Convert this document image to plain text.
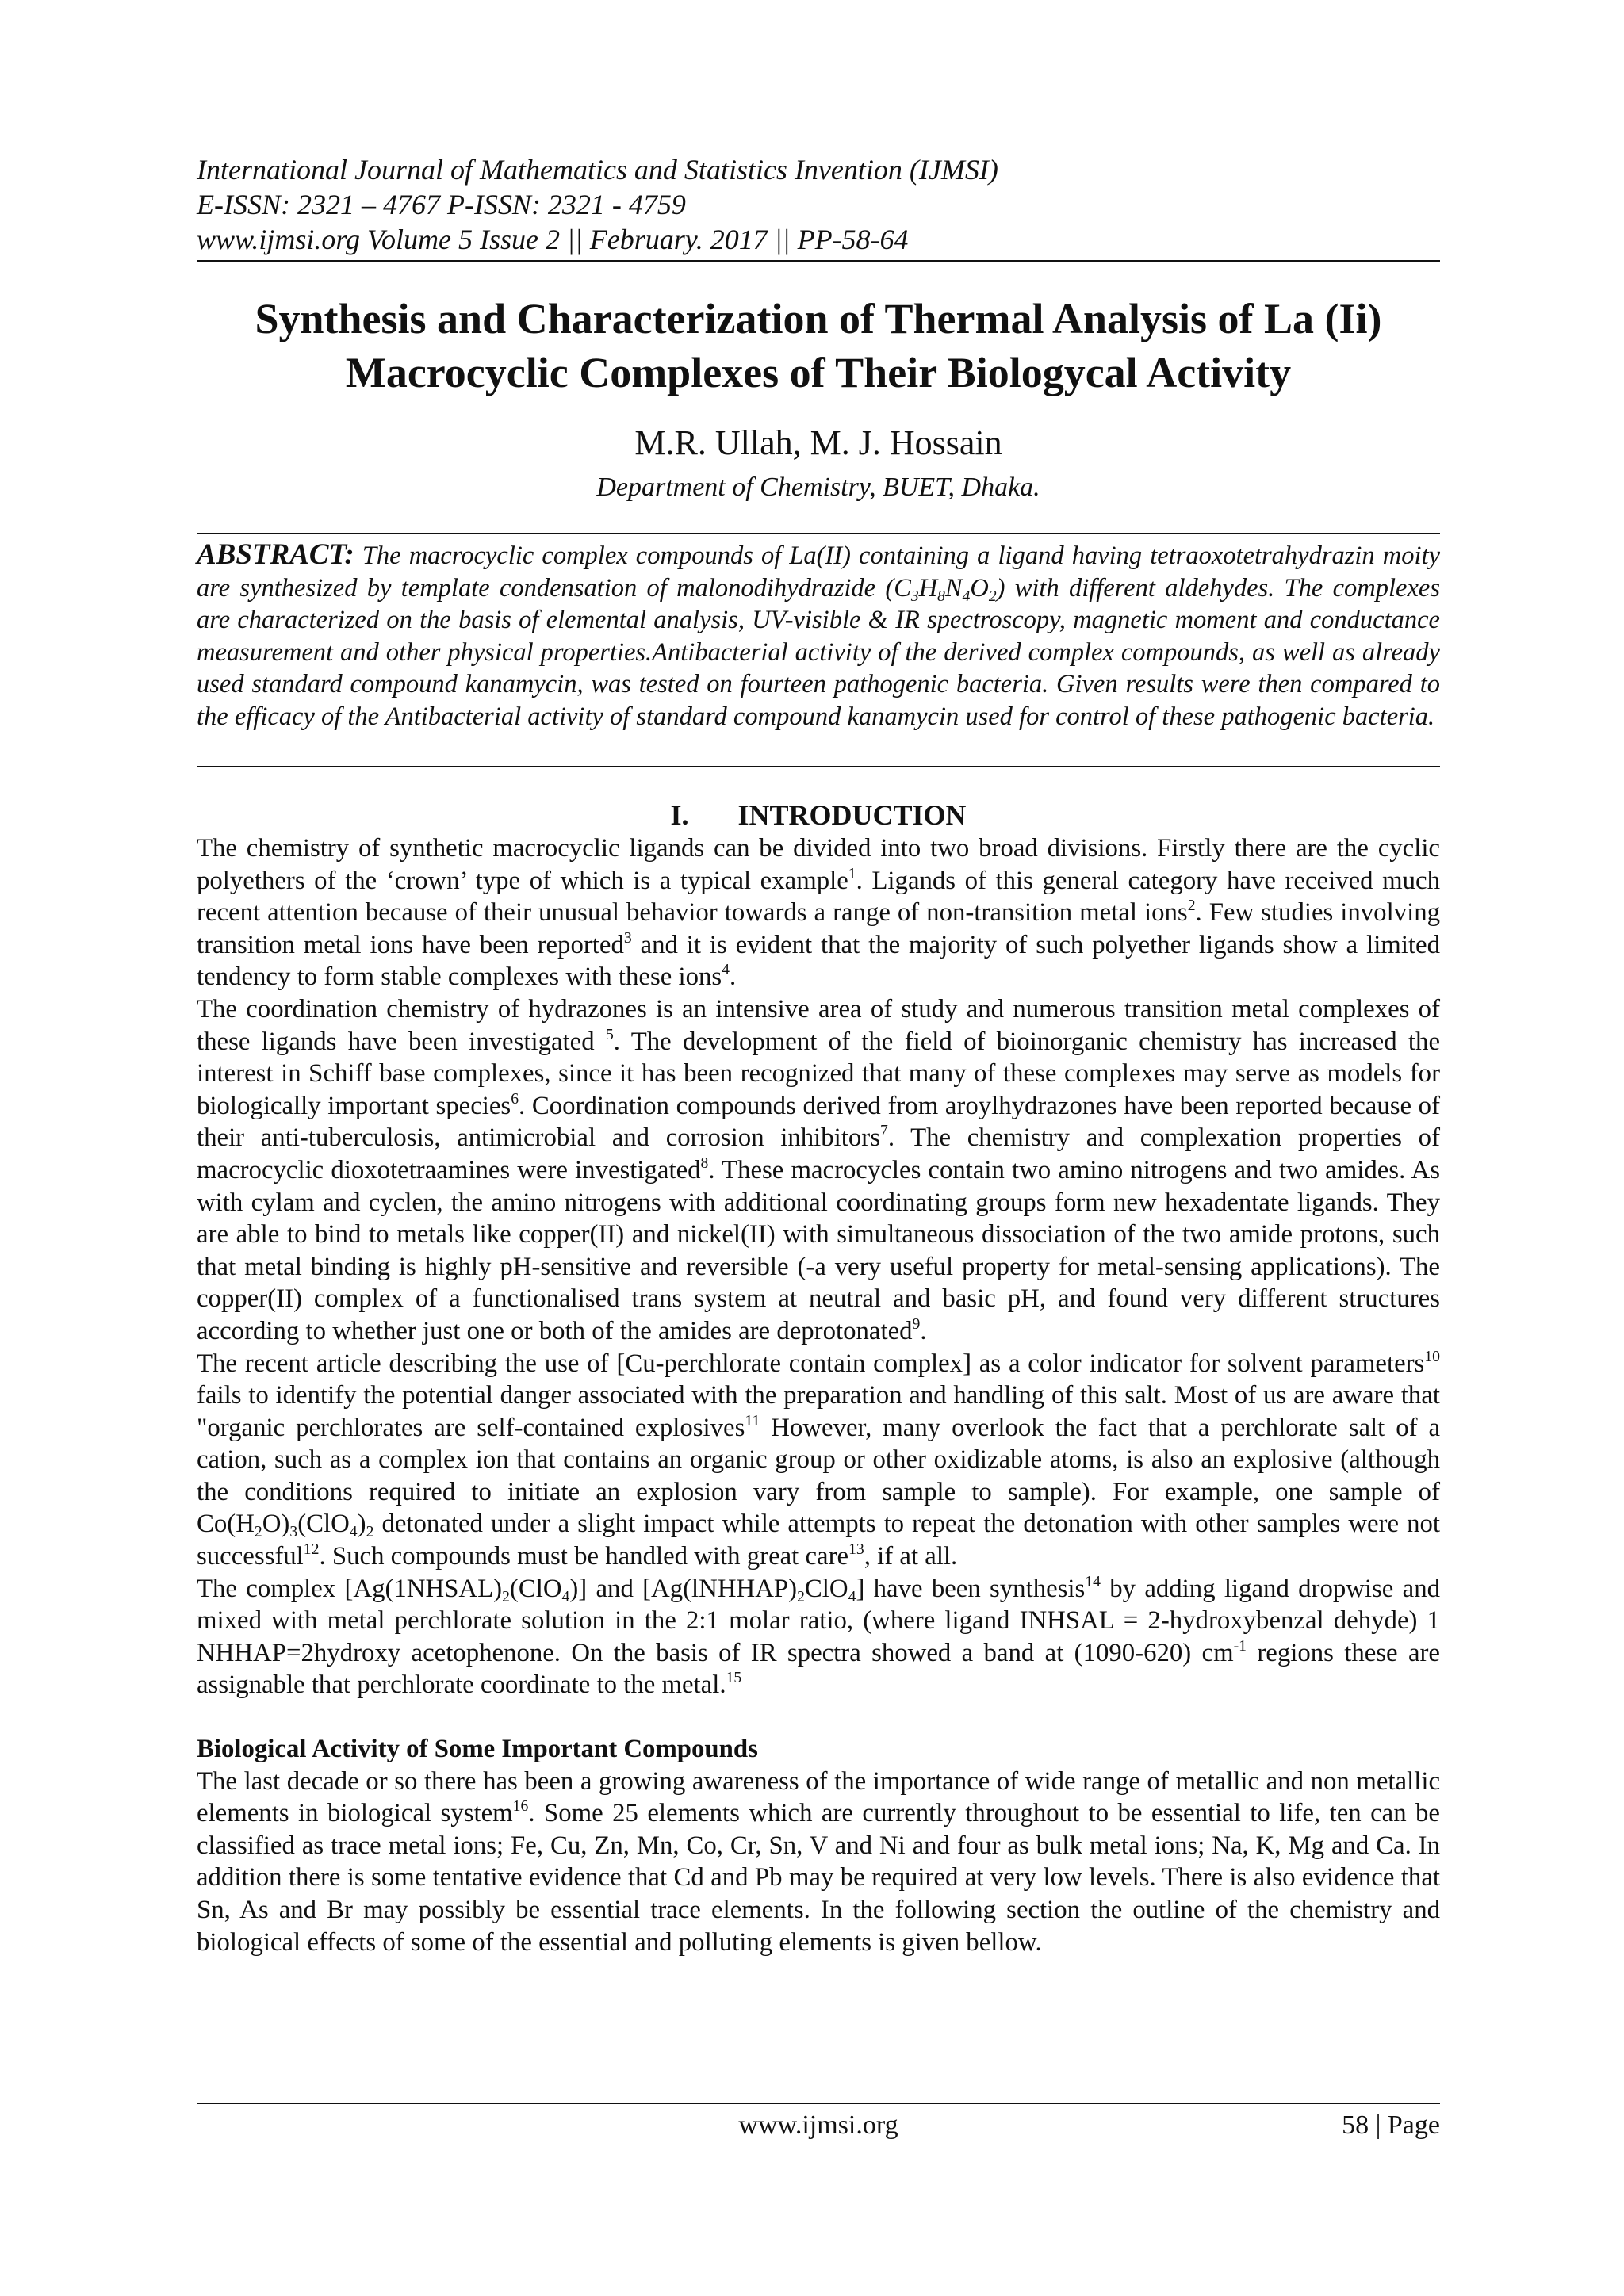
International Journal of Mathematics and Statistics Invention (IJMSI)
E-ISSN: 2321 – 4767 P-ISSN: 2321 - 4759
www.ijmsi.org Volume 5 Issue 2 || February. 2017 || PP-58-64
Synthesis and Characterization of Thermal Analysis of La (Ii)
Macrocyclic Complexes of Their Biologycal Activity
M.R. Ullah, M. J. Hossain
Department of Chemistry, BUET, Dhaka.
ABSTRACT: The macrocyclic complex compounds of La(II) containing a ligand having tetraoxotetrahydrazin moity are synthesized by template condensation of malonodihydrazide $(C_3H_8N_4O_2)$ with different aldehydes. The complexes are characterized on the basis of elemental analysis, UV-visible & IR spectroscopy, magnetic moment and conductance measurement and other physical properties.Antibacterial activity of the derived complex compounds, as well as already used standard compound kanamycin, was tested on fourteen pathogenic bacteria. Given results were then compared to the efficacy of the Antibacterial activity of standard compound kanamycin used for control of these pathogenic bacteria.
I. INTRODUCTION

The chemistry of synthetic macrocyclic ligands can be divided into two broad divisions. Firstly there are the cyclic polyethers of the ‘crown’ type of which is a typical example$^1$. Ligands of this general category have received much recent attention because of their unusual behavior towards a range of non-transition metal ions$^2$. Few studies involving transition metal ions have been reported$^3$ and it is evident that the majority of such polyether ligands show a limited tendency to form stable complexes with these ions$^4$.

The coordination chemistry of hydrazones is an intensive area of study and numerous transition metal complexes of these ligands have been investigated $^5$. The development of the field of bioinorganic chemistry has increased the interest in Schiff base complexes, since it has been recognized that many of these complexes may serve as models for biologically important species$^6$. Coordination compounds derived from aroylhydrazones have been reported because of their anti-tuberculosis, antimicrobial and corrosion inhibitors$^7$. The chemistry and complexation properties of macrocyclic dioxotetraamines were investigated$^8$. These macrocycles contain two amino nitrogens and two amides. As with cylam and cyclen, the amino nitrogens with additional coordinating groups form new hexadentate ligands. They are able to bind to metals like copper(II) and nickel(II) with simultaneous dissociation of the two amide protons, such that metal binding is highly pH-sensitive and reversible (-a very useful property for metal-sensing applications). The copper(II) complex of a functionalised trans system at neutral and basic pH, and found very different structures according to whether just one or both of the amides are deprotonated$^9$.

The recent article describing the use of [Cu-perchlorate contain complex] as a color indicator for solvent parameters$^{10}$ fails to identify the potential danger associated with the preparation and handling of this salt. Most of us are aware that "organic perchlorates are self-contained explosives$^{11}$ However, many overlook the fact that a perchlorate salt of a cation, such as a complex ion that contains an organic group or other oxidizable atoms, is also an explosive (although the conditions required to initiate an explosion vary from sample to sample). For example, one sample of $Co(H_2O)_3(ClO_4)_2$ detonated under a slight impact while attempts to repeat the detonation with other samples were not successful$^{12}$. Such compounds must be handled with great care$^{13}$, if at all.

The complex $[Ag(1NHSAL)_2(ClO_4)]$ and $[Ag(lNHHAP)_2ClO_4]$ have been synthesis$^{14}$ by adding ligand dropwise and mixed with metal perchlorate solution in the 2:1 molar ratio, (where ligand INHSAL = 2-hydroxybenzal dehyde) 1 NHHAP=2hydroxy acetophenone. On the basis of IR spectra showed a band at (1090-620) $cm^{-1}$ regions these are assignable that perchlorate coordinate to the metal.$^{15}$

Biological Activity of Some Important Compounds

The last decade or so there has been a growing awareness of the importance of wide range of metallic and non metallic elements in biological system$^{16}$. Some 25 elements which are currently throughout to be essential to life, ten can be classified as trace metal ions; Fe, Cu, Zn, Mn, Co, Cr, Sn, V and Ni and four as bulk metal ions; Na, K, Mg and Ca. In addition there is some tentative evidence that Cd and Pb may be required at very low levels. There is also evidence that Sn, As and Br may possibly be essential trace elements. In the following section the outline of the chemistry and biological effects of some of the essential and polluting elements is given bellow.

www.ijmsi.org	58 | Page
